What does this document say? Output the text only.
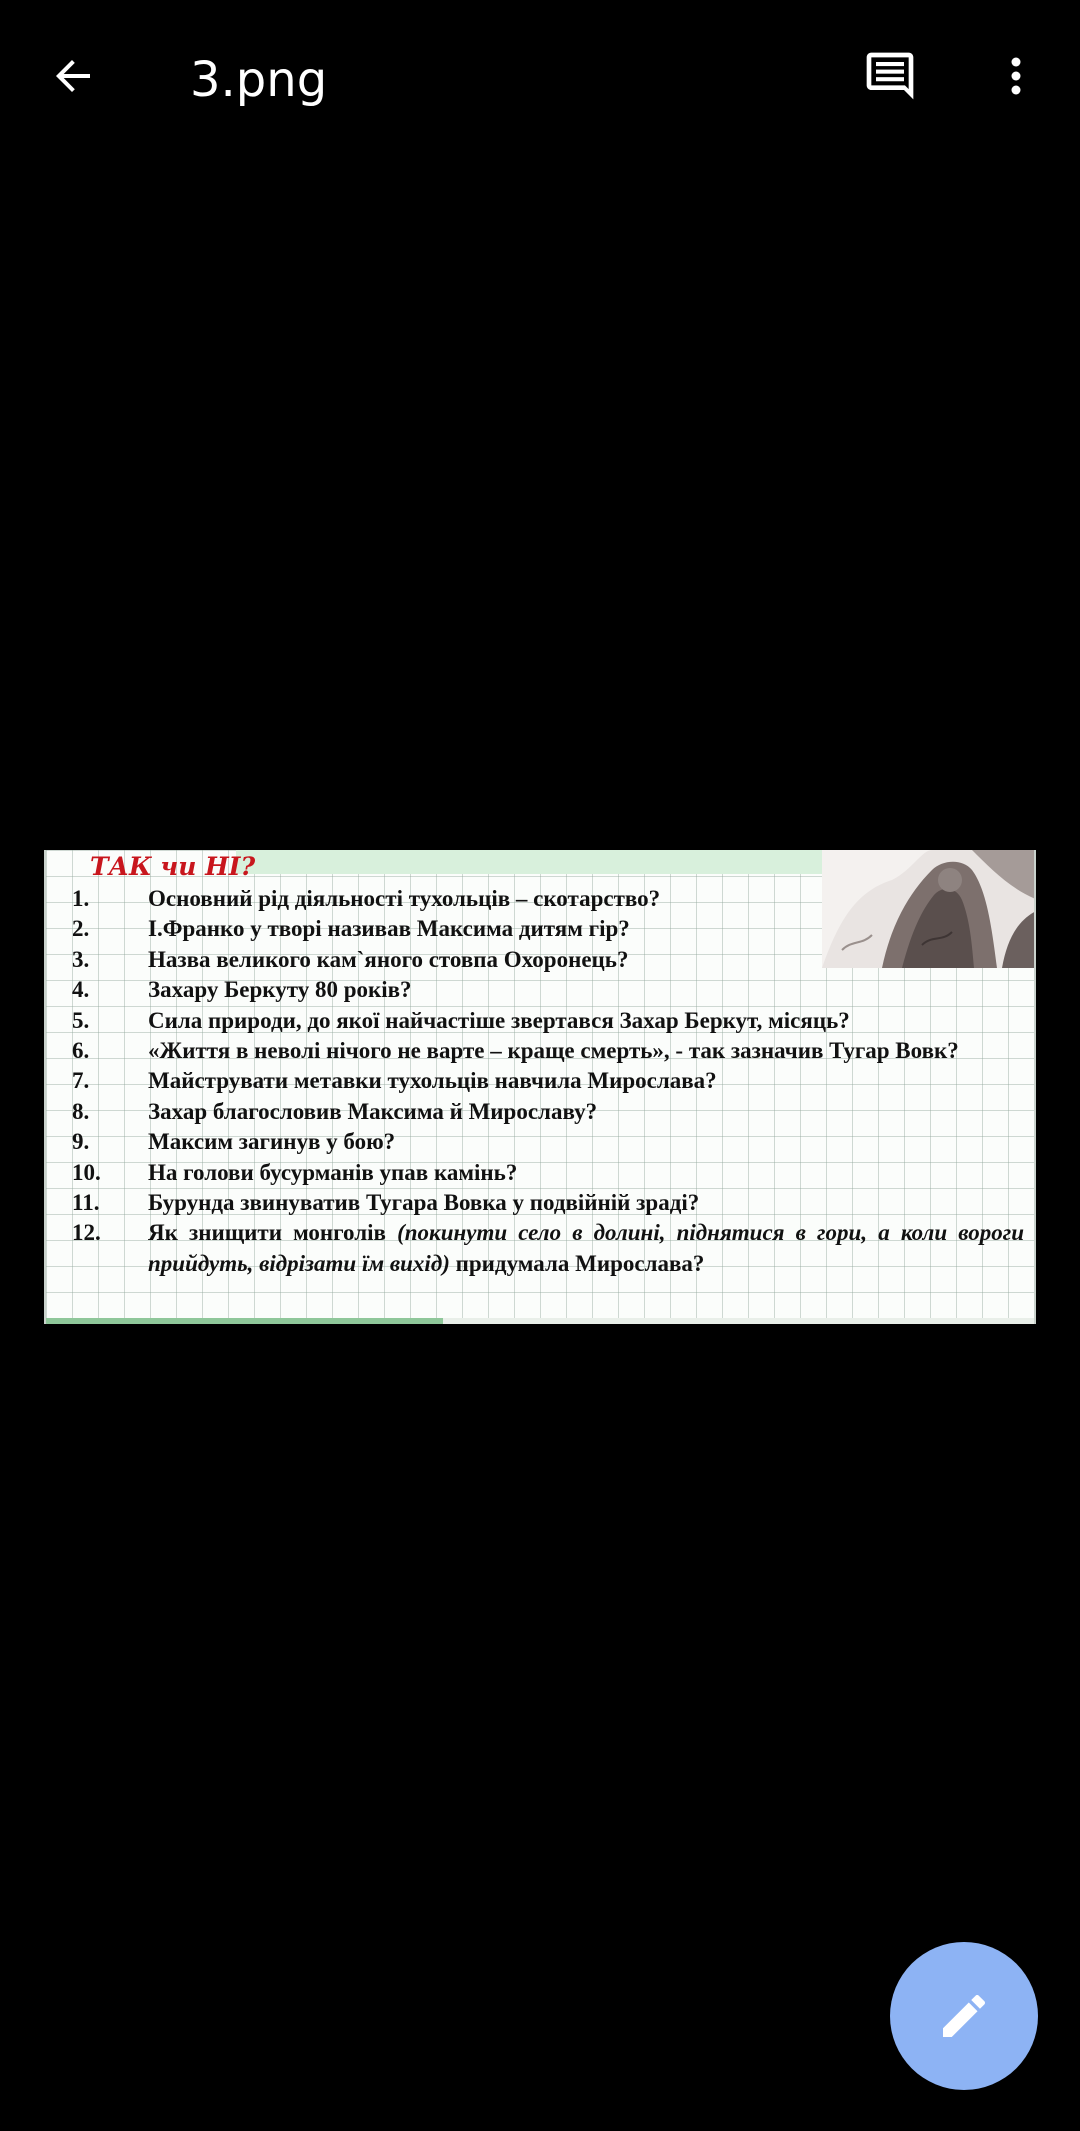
3.png
ТАК чи НІ?
1.	Основний рід діяльності тухольців – скотарство?
2.	І.Франко у творі називав Максима дитям гір?
3.	Назва великого кам`яного стовпа Охоронець?
4.	Захару Беркуту 80 років?
5.	Сила природи, до якої найчастіше звертався Захар Беркут, місяць?
6.	«Життя в неволі нічого не варте – краще смерть», - так зазначив Тугар Вовк?
7.	Майструвати метавки тухольців навчила Мирослава?
8.	Захар благословив Максима й Мирославу?
9.	Максим загинув у бою?
10.	На голови бусурманів упав камінь?
11.	Бурунда звинуватив Тугара Вовка у подвійній зраді?
12.	Як знищити монголів (покинути село в долині, піднятися в гори, а коли вороги прийдуть, відрізати їм вихід) придумала Мирослава?
